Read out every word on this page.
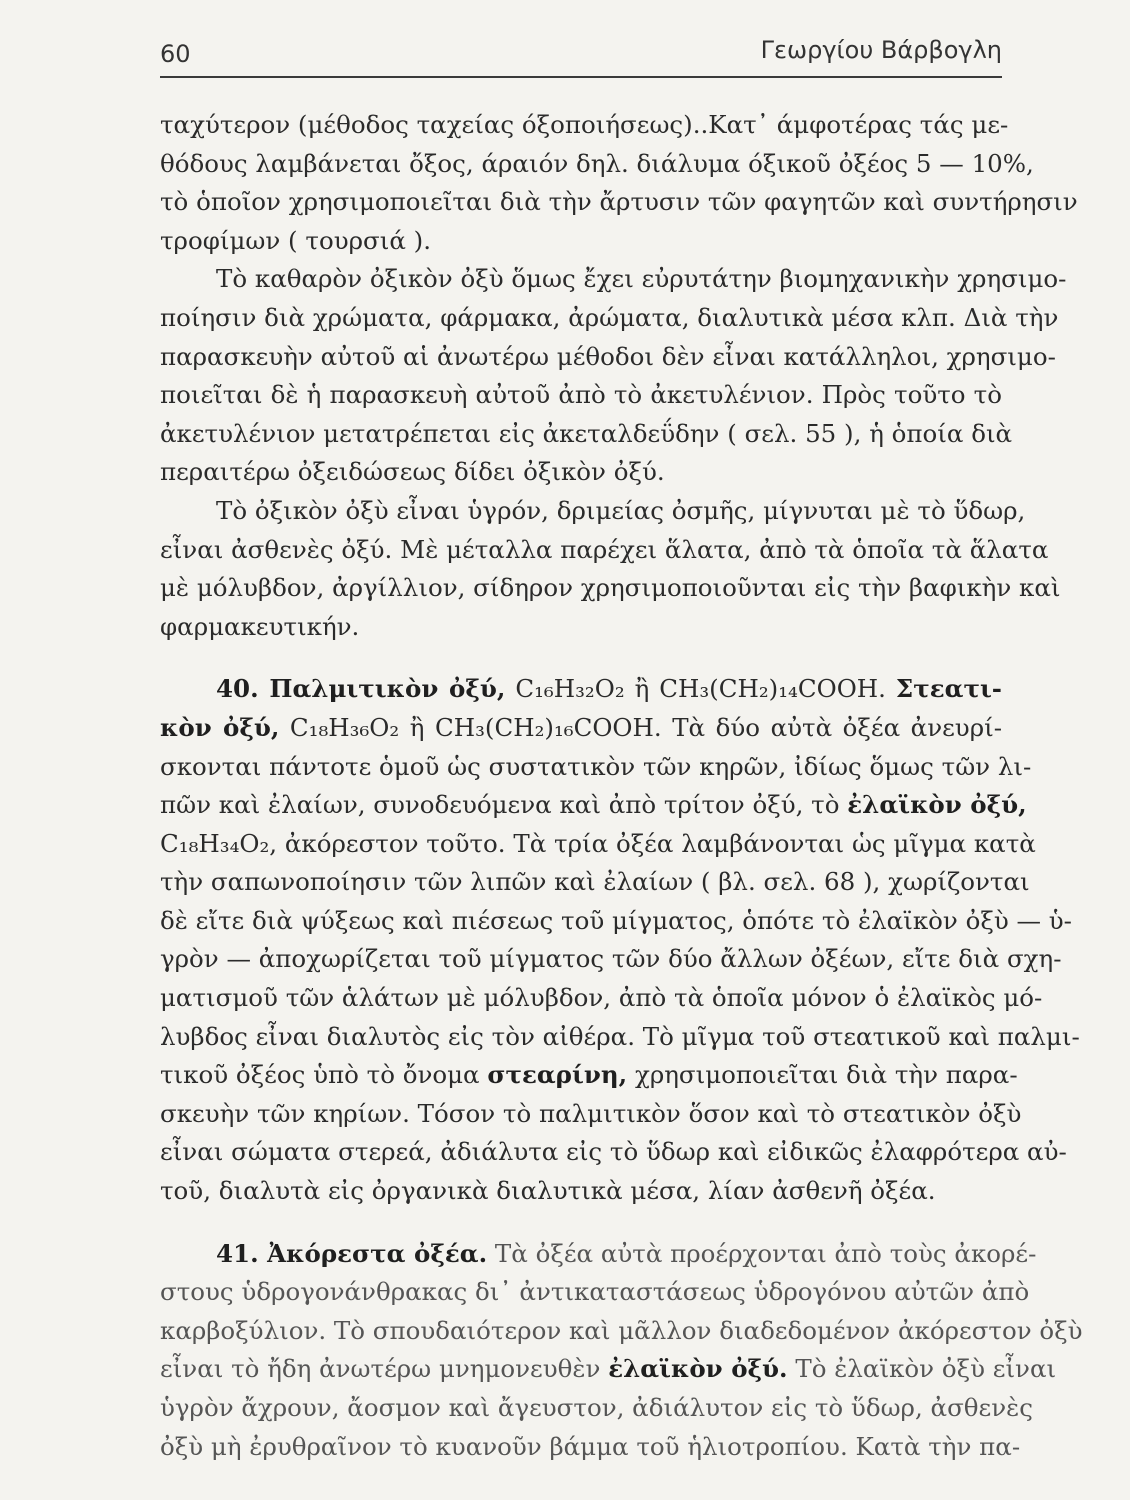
60	Γεωργίου Βάρβογλη

ταχύτερον (μέθοδος ταχείας όξοποιήσεως)..Κατ᾽ άμφοτέρας τάς με-
θόδους λαμβάνεται ὄξος, άραιόν δηλ. διάλυμα όξικοῦ ὀξέος 5 — 10%,
τὸ ὁποῖον χρησιμοποιεῖται διὰ τὴν ἄρτυσιν τῶν φαγητῶν καὶ συντήρησιν
τροφίμων ( τουρσιά ).

Τὸ καθαρὸν ὀξικὸν ὀξὺ ὅμως ἔχει εὐρυτάτην βιομηχανικὴν χρησιμο-
ποίησιν διὰ χρώματα, φάρμακα, ἀρώματα, διαλυτικὰ μέσα κλπ. Διὰ τὴν
παρασκευὴν αὐτοῦ αἱ ἀνωτέρω μέθοδοι δὲν εἶναι κατάλληλοι, χρησιμο-
ποιεῖται δὲ ἡ παρασκευὴ αὐτοῦ ἀπὸ τὸ ἀκετυλένιον. Πρὸς τοῦτο τὸ
ἀκετυλένιον μετατρέπεται εἰς ἀκεταλδεΰδην ( σελ. 55 ), ἡ ὁποία διὰ
περαιτέρω ὀξειδώσεως δίδει ὀξικὸν ὀξύ.

Τὸ ὀξικὸν ὀξὺ εἶναι ὑγρόν, δριμείας ὀσμῆς, μίγνυται μὲ τὸ ὕδωρ,
εἶναι ἀσθενὲς ὀξύ. Μὲ μέταλλα παρέχει ἅλατα, ἀπὸ τὰ ὁποῖα τὰ ἅλατα
μὲ μόλυβδον, ἀργίλλιον, σίδηρον χρησιμοποιοῦνται εἰς τὴν βαφικὴν καὶ
φαρμακευτικήν.

40. Παλμιτικὸν ὀξύ, C₁₆H₃₂O₂ ἢ CH₃(CH₂)₁₄COOH. Στεατι-
κὸν ὀξύ, C₁₈H₃₆O₂ ἢ CH₃(CH₂)₁₆COOH. Τὰ δύο αὐτὰ ὀξέα ἀνευρί-
σκονται πάντοτε ὁμοῦ ὡς συστατικὸν τῶν κηρῶν, ἰδίως ὅμως τῶν λι-
πῶν καὶ ἐλαίων, συνοδευόμενα καὶ ἀπὸ τρίτον ὀξύ, τὸ ἐλαϊκὸν ὀξύ,
C₁₈H₃₄O₂, ἀκόρεστον τοῦτο. Τὰ τρία ὀξέα λαμβάνονται ὡς μῖγμα κατὰ
τὴν σαπωνοποίησιν τῶν λιπῶν καὶ ἐλαίων ( βλ. σελ. 68 ), χωρίζονται
δὲ εἴτε διὰ ψύξεως καὶ πιέσεως τοῦ μίγματος, ὁπότε τὸ ἐλαϊκὸν ὀξὺ — ὑ-
γρὸν — ἀποχωρίζεται τοῦ μίγματος τῶν δύο ἄλλων ὀξέων, εἴτε διὰ σχη-
ματισμοῦ τῶν ἁλάτων μὲ μόλυβδον, ἀπὸ τὰ ὁποῖα μόνον ὁ ἐλαϊκὸς μό-
λυβδος εἶναι διαλυτὸς εἰς τὸν αἰθέρα. Τὸ μῖγμα τοῦ στεατικοῦ καὶ παλμι-
τικοῦ ὀξέος ὑπὸ τὸ ὄνομα στεαρίνη, χρησιμοποιεῖται διὰ τὴν παρα-
σκευὴν τῶν κηρίων. Τόσον τὸ παλμιτικὸν ὅσον καὶ τὸ στεατικὸν ὀξὺ
εἶναι σώματα στερεά, ἀδιάλυτα εἰς τὸ ὕδωρ καὶ εἰδικῶς ἐλαφρότερα αὐ-
τοῦ, διαλυτὰ εἰς ὀργανικὰ διαλυτικὰ μέσα, λίαν ἀσθενῆ ὀξέα.
41. Ἀκόρεστα ὀξέα. Τὰ ὀξέα αὐτὰ προέρχονται ἀπὸ τοὺς ἀκορέ-
στους ὑδρογονάνθρακας δι᾽ ἀντικαταστάσεως ὑδρογόνου αὐτῶν ἀπὸ
καρβοξύλιον. Τὸ σπουδαιότερον καὶ μᾶλλον διαδεδομένον ἀκόρεστον ὀξὺ
εἶναι τὸ ἤδη ἀνωτέρω μνημονευθὲν ἐλαϊκὸν ὀξύ. Τὸ ἐλαϊκὸν ὀξὺ εἶναι
ὑγρὸν ἄχρουν, ἄοσμον καὶ ἄγευστον, ἀδιάλυτον εἰς τὸ ὕδωρ, ἀσθενὲς
ὀξὺ μὴ ἐρυθραῖνον τὸ κυανοῦν βάμμα τοῦ ἡλιοτροπίου. Κατὰ τὴν πα-
